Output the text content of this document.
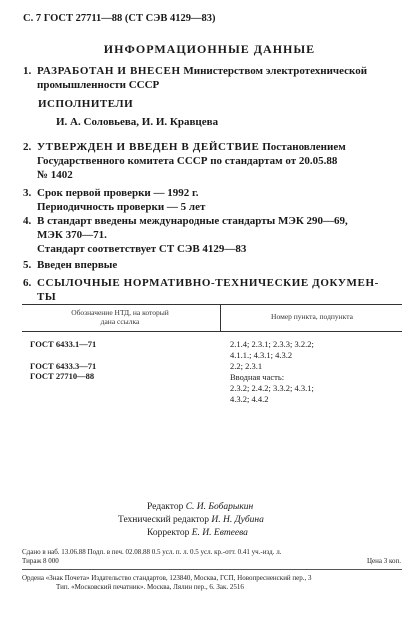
С. 7 ГОСТ 27711—88 (СТ СЭВ 4129—83)
ИНФОРМАЦИОННЫЕ ДАННЫЕ
1. РАЗРАБОТАН И ВНЕСЕН Министерством электротехнической
промышленности СССР
ИСПОЛНИТЕЛИ
И. А. Соловьева, И. И. Кравцева
2. УТВЕРЖДЕН И ВВЕДЕН В ДЕЙСТВИЕ Постановлением
Государственного комитета СССР по стандартам от 20.05.88
№ 1402
3. Срок первой проверки — 1992 г.
Периодичность проверки — 5 лет
4. В стандарт введены международные стандарты МЭК 290—69,
МЭК 370—71.
Стандарт соответствует СТ СЭВ 4129—83
5. Введен впервые
6. ССЫЛОЧНЫЕ НОРМАТИВНО-ТЕХНИЧЕСКИЕ ДОКУМЕН-
ТЫ
Обозначение НТД, на который
дана ссылка
Номер пункта, подпункта
ГОСТ 6433.1—71	2.1.4; 2.3.1; 2.3.3; 3.2.2;
4.1.1.; 4.3.1; 4.3.2
ГОСТ 6433.3—71	2.2; 2.3.1
ГОСТ 27710—88	Вводная часть:
2.3.2; 2.4.2; 3.3.2; 4.3.1;
4.3.2; 4.4.2
Редактор С. И. Бобарыкин
Технический редактор И. Н. Дубина
Корректор Е. И. Евтеева
Сдано в наб. 13.06.88 Подп. в печ. 02.08.88 0.5 усл. п. л. 0.5 усл. кр.-отт. 0.41 уч.-изд. л.
Тираж 8 000	Цена 3 коп.
Ордена «Знак Почета» Издательство стандартов, 123840, Москва, ГСП, Новопресненский пер., 3
Тип. «Московский печатник». Москва, Лялин пер., 6. Зак. 2516
